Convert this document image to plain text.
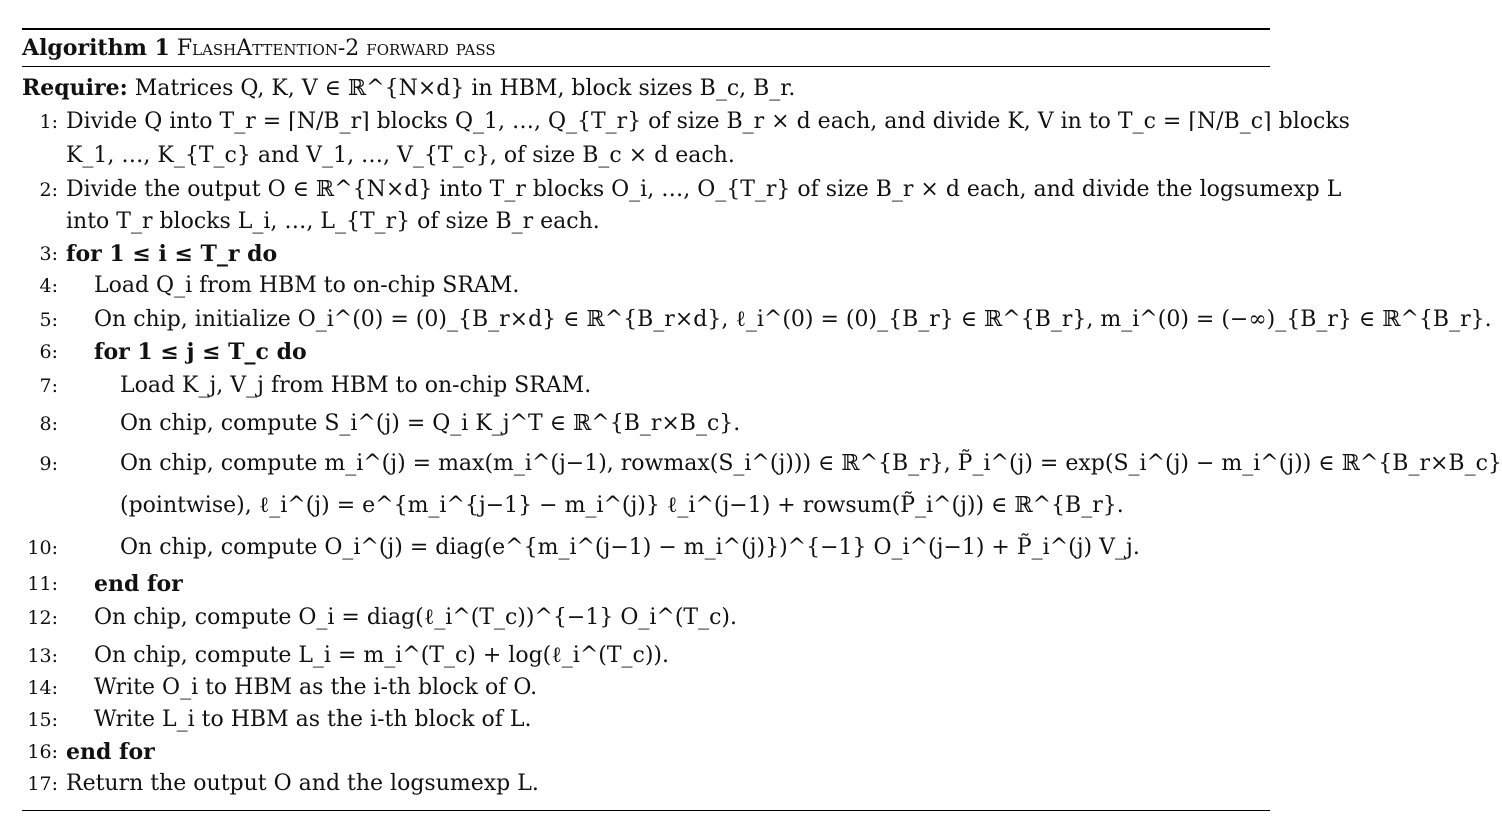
Algorithm 1 FlashAttention-2 forward pass
Require: Matrices Q, K, V ∈ ℝ^{N×d} in HBM, block sizes B_c, B_r.
1: Divide Q into T_r = ⌈N/B_r⌉ blocks Q_1, …, Q_{T_r} of size B_r × d each, and divide K, V in to T_c = ⌈N/B_c⌉ blocks
K_1, …, K_{T_c} and V_1, …, V_{T_c}, of size B_c × d each.
2: Divide the output O ∈ ℝ^{N×d} into T_r blocks O_i, …, O_{T_r} of size B_r × d each, and divide the logsumexp L
into T_r blocks L_i, …, L_{T_r} of size B_r each.
3: for 1 ≤ i ≤ T_r do
4: Load Q_i from HBM to on-chip SRAM.
5: On chip, initialize O_i^(0) = (0)_{B_r×d} ∈ ℝ^{B_r×d}, ℓ_i^(0) = (0)_{B_r} ∈ ℝ^{B_r}, m_i^(0) = (−∞)_{B_r} ∈ ℝ^{B_r}.
6: for 1 ≤ j ≤ T_c do
7:	Load K_j, V_j from HBM to on-chip SRAM.
8:	On chip, compute S_i^(j) = Q_i K_j^T ∈ ℝ^{B_r×B_c}.
9:	On chip, compute m_i^(j) = max(m_i^(j−1), rowmax(S_i^(j))) ∈ ℝ^{B_r}, P̃_i^(j) = exp(S_i^(j) − m_i^(j)) ∈ ℝ^{B_r×B_c}
(pointwise), ℓ_i^(j) = e^{m_i^{j−1} − m_i^(j)} ℓ_i^(j−1) + rowsum(P̃_i^(j)) ∈ ℝ^{B_r}.
10:	On chip, compute O_i^(j) = diag(e^{m_i^(j−1) − m_i^(j)})^{−1} O_i^(j−1) + P̃_i^(j) V_j.
11: end for
12: On chip, compute O_i = diag(ℓ_i^(T_c))^{−1} O_i^(T_c).
13: On chip, compute L_i = m_i^(T_c) + log(ℓ_i^(T_c)).
14: Write O_i to HBM as the i-th block of O.
15: Write L_i to HBM as the i-th block of L.
16: end for
17: Return the output O and the logsumexp L.
